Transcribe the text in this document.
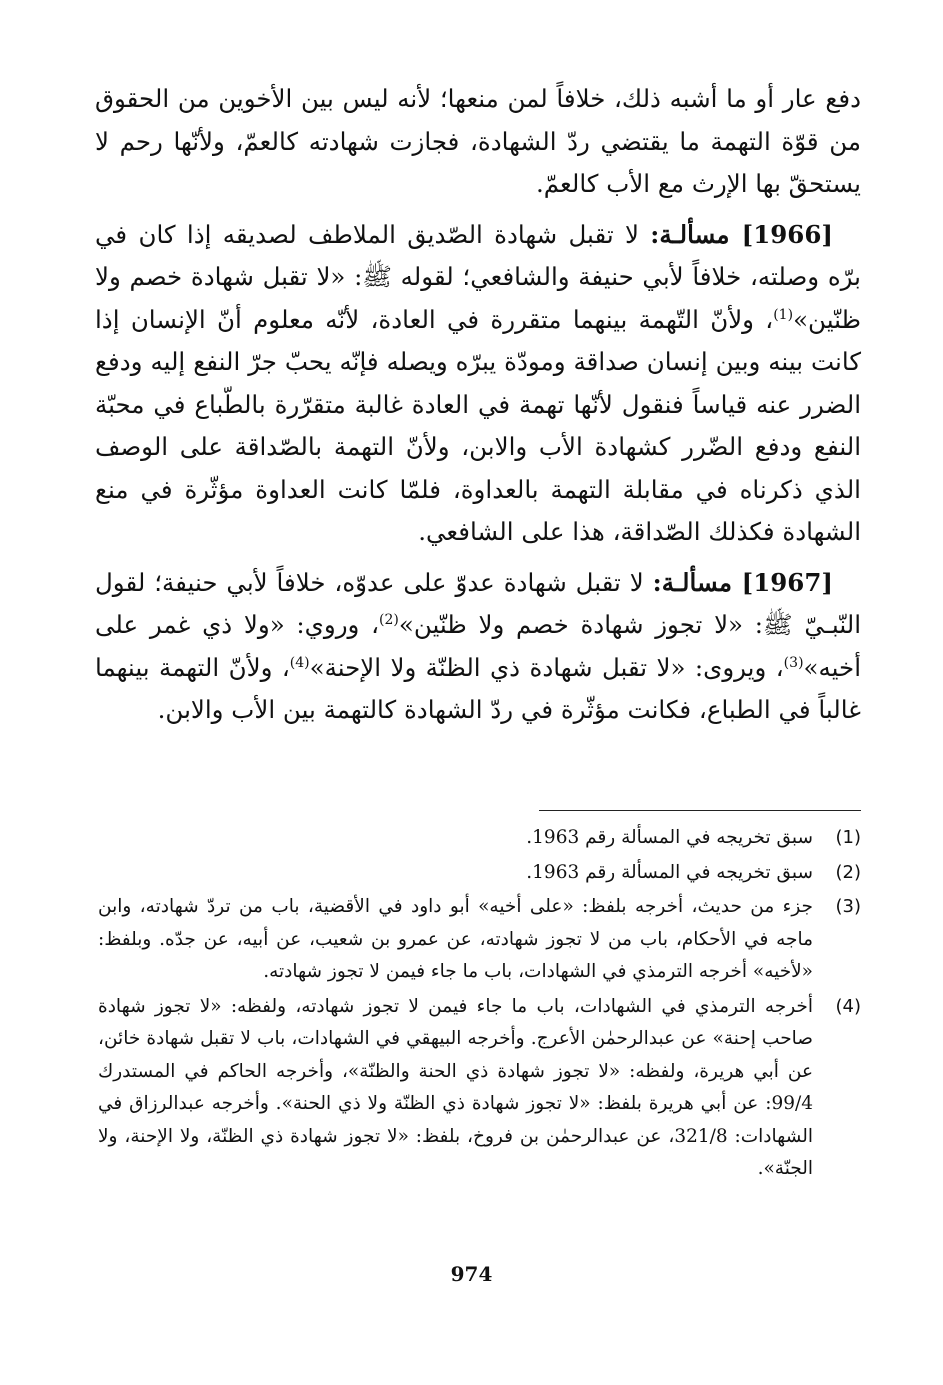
دفع عار أو ما أشبه ذلك، خلافاً لمن منعها؛ لأنه ليس بين الأخوين من الحقوق من قوّة التهمة ما يقتضي ردّ الشهادة، فجازت شهادته كالعمّ، ولأنّها رحم لا يستحقّ بها الإرث مع الأب كالعمّ.

[1966] مسألـة: لا تقبل شهادة الصّديق الملاطف لصديقه إذا كان في برّه وصلته، خلافاً لأبي حنيفة والشافعي؛ لقوله ﷺ: «لا تقبل شهادة خصم ولا ظنّين»$^{(1)}$، ولأنّ التّهمة بينهما متقررة في العادة، لأنّه معلوم أنّ الإنسان إذا كانت بينه وبين إنسان صداقة ومودّة يبرّه ويصله فإنّه يحبّ جرّ النفع إليه ودفع الضرر عنه قياساً فنقول لأنّها تهمة في العادة غالبة متقرّرة بالطّباع في محبّة النفع ودفع الضّرر كشهادة الأب والابن، ولأنّ التهمة بالصّداقة على الوصف الذي ذكرناه في مقابلة التهمة بالعداوة، فلمّا كانت العداوة مؤثّرة في منع الشهادة فكذلك الصّداقة، هذا على الشافعي.

[1967] مسألـة: لا تقبل شهادة عدوّ على عدوّه، خلافاً لأبي حنيفة؛ لقول النّبـيّ ﷺ: «لا تجوز شهادة خصم ولا ظنّين»$^{(2)}$، وروي: «ولا ذي غمر على أخيه»$^{(3)}$، ويروى: «لا تقبل شهادة ذي الظنّة ولا الإحنة»$^{(4)}$، ولأنّ التهمة بينهما غالباً في الطباع، فكانت مؤثّرة في ردّ الشهادة كالتهمة بين الأب والابن.

(1)
سبق تخريجه في المسألة رقم 1963.
(2)
سبق تخريجه في المسألة رقم 1963.
(3)
جزء من حديث، أخرجه بلفظ: «على أخيه» أبو داود في الأقضية، باب من تردّ شهادته، وابن ماجه في الأحكام، باب من لا تجوز شهادته، عن عمرو بن شعيب، عن أبيه، عن جدّه. وبلفظ: «لأخيه» أخرجه الترمذي في الشهادات، باب ما جاء فيمن لا تجوز شهادته.
(4)
أخرجه الترمذي في الشهادات، باب ما جاء فيمن لا تجوز شهادته، ولفظه: «لا تجوز شهادة صاحب إحنة» عن عبدالرحمٰن الأعرج. وأخرجه البيهقي في الشهادات، باب لا تقبل شهادة خائن، عن أبي هريرة، ولفظه: «لا تجوز شهادة ذي الحنة والظنّة»، وأخرجه الحاكم في المستدرك 99/4: عن أبي هريرة بلفظ: «لا تجوز شهادة ذي الظنّة ولا ذي الحنة». وأخرجه عبدالرزاق في الشهادات: 321/8، عن عبدالرحمٰن بن فروخ، بلفظ: «لا تجوز شهادة ذي الظنّة، ولا الإحنة، ولا الجنّة».
974
